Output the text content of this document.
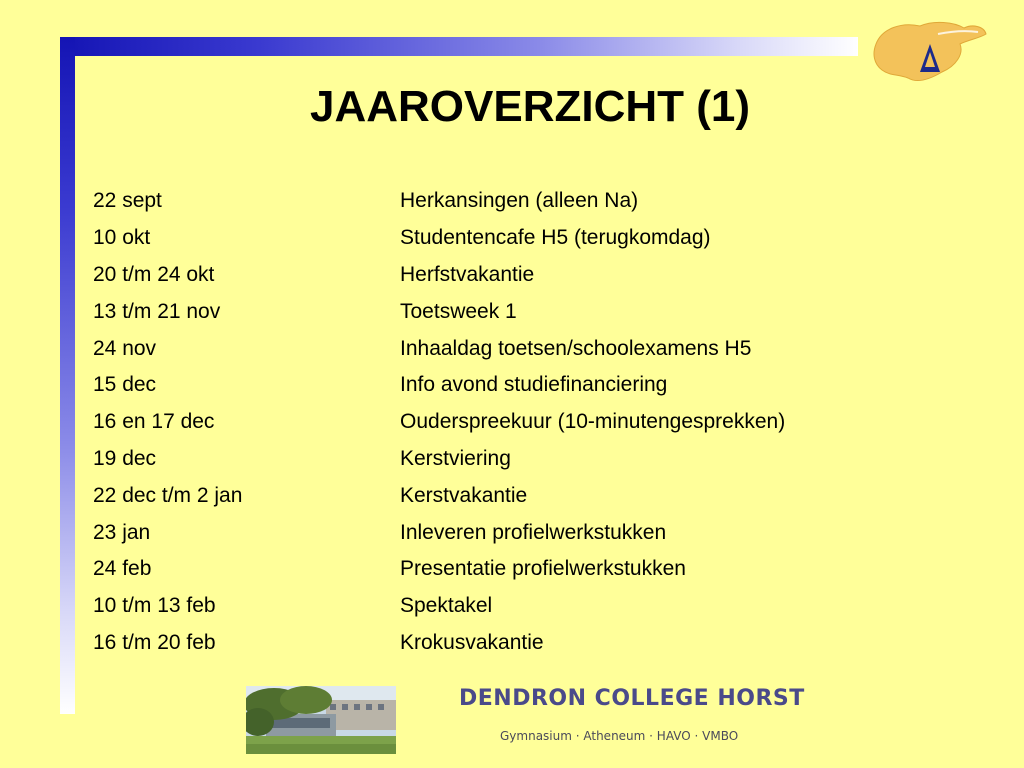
JAAROVERZICHT (1)
22 sept	Herkansingen (alleen Na)
10 okt	Studentencafe H5 (terugkomdag)
20 t/m 24 okt	Herfstvakantie
13 t/m 21 nov	Toetsweek 1
24 nov	Inhaaldag toetsen/schoolexamens H5
15 dec	Info avond studiefinanciering
16 en 17 dec	Ouderspreekuur (10-minutengesprekken)
19 dec	Kerstviering
22 dec t/m 2 jan	Kerstvakantie
23 jan	Inleveren profielwerkstukken
24 feb	Presentatie profielwerkstukken
10 t/m 13 feb	Spektakel
16 t/m 20 feb	Krokusvakantie
DENDRON COLLEGE HORST
Gymnasium · Atheneum · HAVO · VMBO
